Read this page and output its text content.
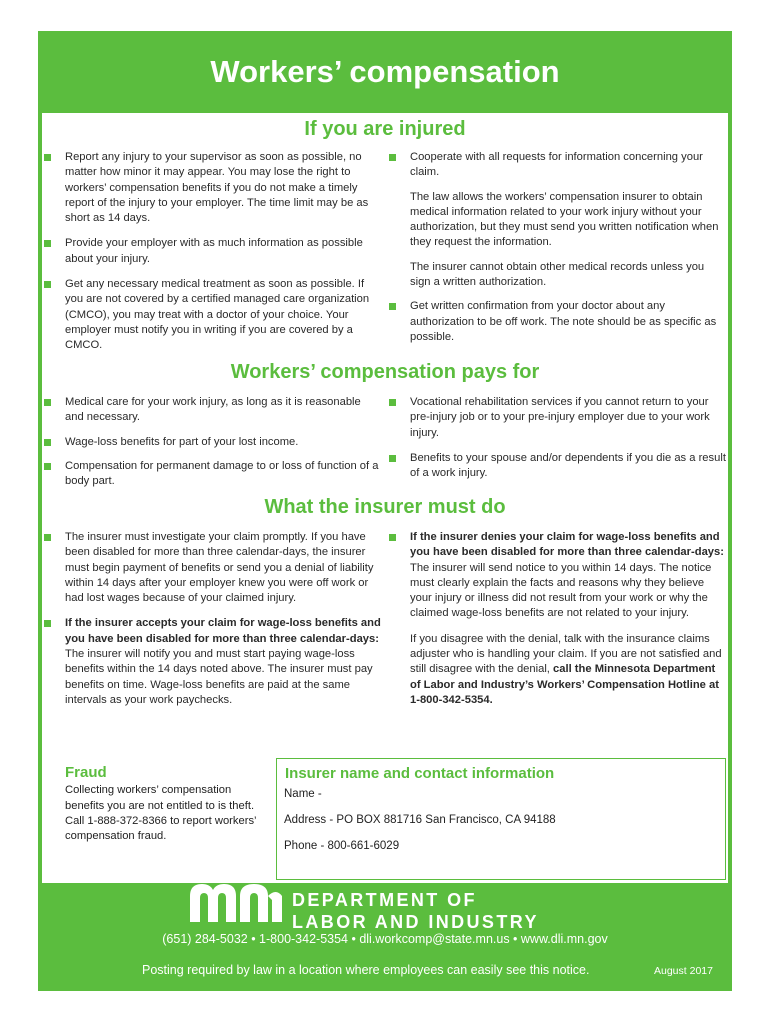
Workers’ compensation
If you are injured

Report any injury to your supervisor as soon as possible, no matter how minor it may appear. You may lose the right to workers’ compensation benefits if you do not make a timely report of the injury to your employer. The time limit may be as short as 14 days.

Provide your employer with as much information as possible about your injury.

Get any necessary medical treatment as soon as possible. If you are not covered by a certified managed care organization (CMCO), you may treat with a doctor of your choice. Your employer must notify you in writing if you are covered by a CMCO.

Cooperate with all requests for information concerning your claim.

The law allows the workers’ compensation insurer to obtain medical information related to your work injury without your authorization, but they must send you written notification when they request the information.

The insurer cannot obtain other medical records unless you sign a written authorization.

Get written confirmation from your doctor about any authorization to be off work. The note should be as specific as possible.

Workers’ compensation pays for

Medical care for your work injury, as long as it is reasonable and necessary.

Wage-loss benefits for part of your lost income.

Compensation for permanent damage to or loss of function of a body part.

Vocational rehabilitation services if you cannot return to your pre-injury job or to your pre-injury employer due to your work injury.

Benefits to your spouse and/or dependents if you die as a result of a work injury.

What the insurer must do

The insurer must investigate your claim promptly. If you have been disabled for more than three calendar-days, the insurer must begin payment of benefits or send you a denial of liability within 14 days after your employer knew you were off work or had lost wages because of your claimed injury.

If the insurer accepts your claim for wage-loss benefits and you have been disabled for more than three calendar-days: The insurer will notify you and must start paying wage-loss benefits within the 14 days noted above. The insurer must pay benefits on time. Wage-loss benefits are paid at the same intervals as your work paychecks.

If the insurer denies your claim for wage-loss benefits and you have been disabled for more than three calendar-days: The insurer will send notice to you within 14 days. The notice must clearly explain the facts and reasons why they believe your injury or illness did not result from your work or why the claimed wage-loss benefits are not related to your injury.

If you disagree with the denial, talk with the insurance claims adjuster who is handling your claim. If you are not satisfied and still disagree with the denial, call the Minnesota Department of Labor and Industry’s Workers’ Compensation Hotline at 1-800-342-5354.

Fraud
Collecting workers’ compensation benefits you are not entitled to is theft. Call 1-888-372-8366 to report workers’ compensation fraud.
Insurer name and contact information

Name -

Address - PO BOX 881716 San Francisco, CA 94188

Phone - 800-661-6029

DEPARTMENT OF
LABOR AND INDUSTRY
(651) 284-5032 • 1-800-342-5354 • dli.workcomp@state.mn.us • www.dli.mn.gov
Posting required by law in a location where employees can easily see this notice.	August 2017
